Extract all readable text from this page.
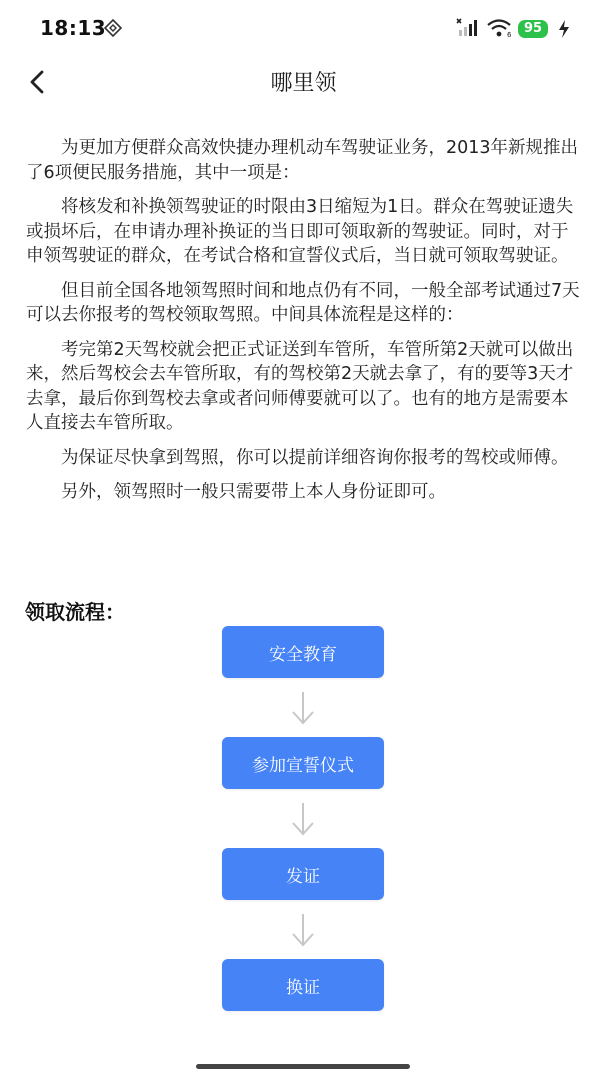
18:13	6 95
哪里领

为更加方便群众高效快捷办理机动车驾驶证业务，2013年新规推出了6项便民服务措施，其中一项是：

将核发和补换领驾驶证的时限由3日缩短为1日。群众在驾驶证遗失或损坏后，在申请办理补换证的当日即可领取新的驾驶证。同时，对于申领驾驶证的群众，在考试合格和宣誓仪式后，当日就可领取驾驶证。

但目前全国各地领驾照时间和地点仍有不同，一般全部考试通过7天可以去你报考的驾校领取驾照。中间具体流程是这样的：

考完第2天驾校就会把正式证送到车管所，车管所第2天就可以做出来，然后驾校会去车管所取，有的驾校第2天就去拿了，有的要等3天才去拿，最后你到驾校去拿或者问师傅要就可以了。也有的地方是需要本人直接去车管所取。

为保证尽快拿到驾照，你可以提前详细咨询你报考的驾校或师傅。

另外，领驾照时一般只需要带上本人身份证即可。

领取流程：
安全教育
参加宣誓仪式
发证
换证
